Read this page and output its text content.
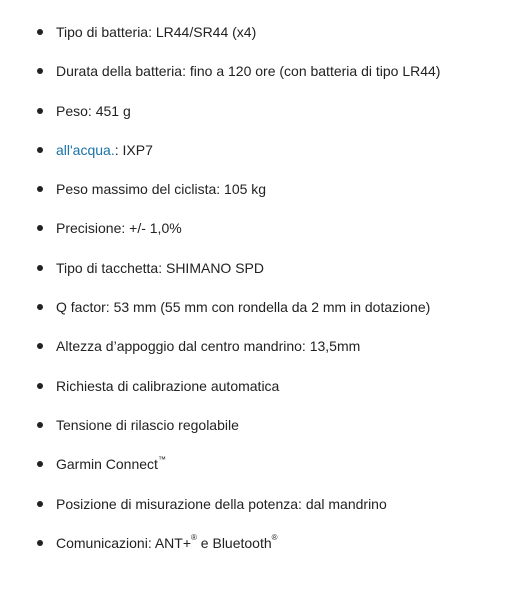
Tipo di batteria: LR44/SR44 (x4)
Durata della batteria: fino a 120 ore (con batteria di tipo LR44)
Peso: 451 g
all'acqua.: IXP7
Peso massimo del ciclista: 105 kg
Precisione: +/- 1,0%
Tipo di tacchetta: SHIMANO SPD
Q factor: 53 mm (55 mm con rondella da 2 mm in dotazione)
Altezza d’appoggio dal centro mandrino: 13,5mm
Richiesta di calibrazione automatica
Tensione di rilascio regolabile
Garmin Connect™
Posizione di misurazione della potenza: dal mandrino
Comunicazioni: ANT+® e Bluetooth®
